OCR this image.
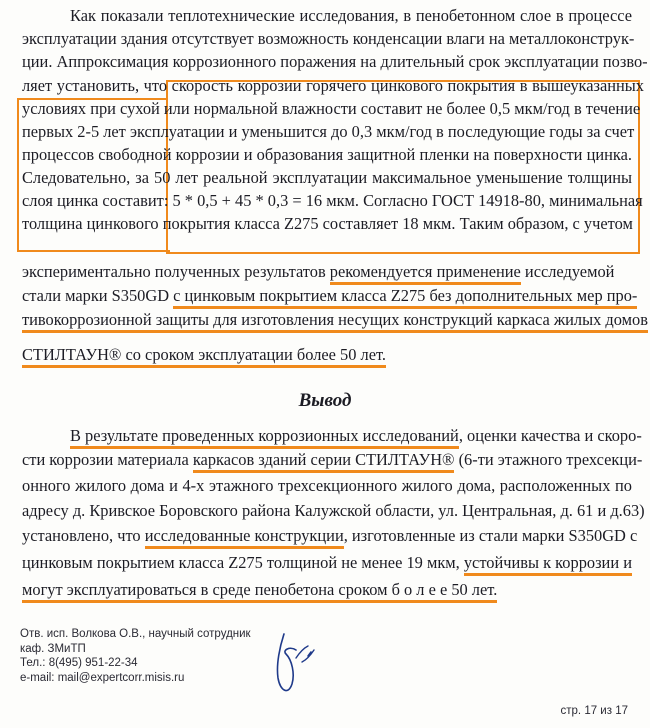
Как показали теплотехнические исследования, в пенобетонном слое в процессе
эксплуатации здания отсутствует возможность конденсации влаги на металлоконструк-
ции. Аппроксимация коррозионного поражения на длительный срок эксплуатации позво-
ляет установить, что скорость коррозии горячего цинкового покрытия в вышеуказанных
условиях при сухой или нормальной влажности составит не более 0,5 мкм/год в течение
первых 2-5 лет эксплуатации и уменьшится до 0,3 мкм/год в последующие годы за счет
процессов свободной коррозии и образования защитной пленки на поверхности цинка.
Следовательно, за 50 лет реальной эксплуатации максимальное уменьшение толщины
слоя цинка составит: 5 * 0,5 + 45 * 0,3 = 16 мкм. Согласно ГОСТ 14918-80, минимальная
толщина цинкового покрытия класса Z275 составляет 18 мкм. Таким образом, с учетом
экспериментально полученных результатов рекомендуется применение исследуемой
стали марки S350GD с цинковым покрытием класса Z275 без дополнительных мер про-
тивокоррозионной защиты для изготовления несущих конструкций каркаса жилых домов
СТИЛТАУН® со сроком эксплуатации более 50 лет.
Вывод
В результате проведенных коррозионных исследований, оценки качества и скоро-
сти коррозии материала каркасов зданий серии СТИЛТАУН® (6-ти этажного трехсекци-
онного жилого дома и 4-х этажного трехсекционного жилого дома, расположенных по
адресу д. Кривское Боровского района Калужской области, ул. Центральная, д. 61 и д.63)
установлено, что исследованные конструкции, изготовленные из стали марки S350GD с
цинковым покрытием класса Z275 толщиной не менее 19 мкм, устойчивы к коррозии и
могут эксплуатироваться в среде пенобетона сроком б о л е е 50 лет.
Отв. исп. Волкова О.В., научный сотрудник
каф. ЗМиТП
Тел.: 8(495) 951-22-34
e-mail: mail@expertcorr.misis.ru
стр. 17 из 17
